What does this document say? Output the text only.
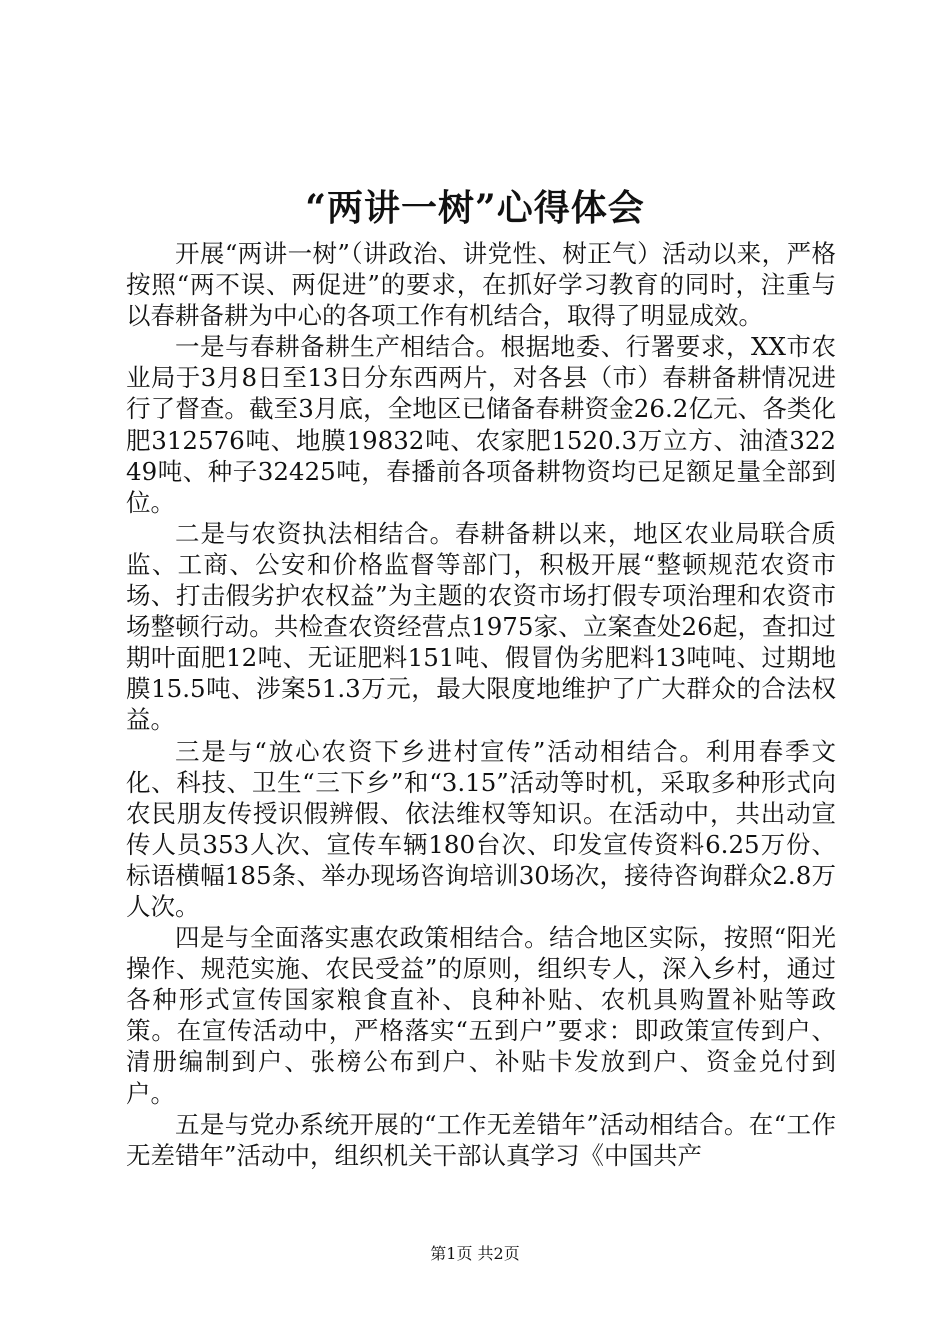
“两讲一树”心得体会

开展“两讲一树”（讲政治、讲党性、树正气）活动以来，严格按照“两不误、两促进”的要求，在抓好学习教育的同时，注重与以春耕备耕为中心的各项工作有机结合，取得了明显成效。

一是与春耕备耕生产相结合。根据地委、行署要求，XX市农业局于3月8日至13日分东西两片，对各县（市）春耕备耕情况进行了督查。截至3月底，全地区已储备春耕资金26.2亿元、各类化肥312576吨、地膜19832吨、农家肥1520.3万立方、油渣32249吨、种子32425吨，春播前各项备耕物资均已足额足量全部到位。

二是与农资执法相结合。春耕备耕以来，地区农业局联合质监、工商、公安和价格监督等部门，积极开展“整顿规范农资市场、打击假劣护农权益”为主题的农资市场打假专项治理和农资市场整顿行动。共检查农资经营点1975家、立案查处26起，查扣过期叶面肥12吨、无证肥料151吨、假冒伪劣肥料13吨吨、过期地膜15.5吨、涉案51.3万元，最大限度地维护了广大群众的合法权益。

三是与“放心农资下乡进村宣传”活动相结合。利用春季文化、科技、卫生“三下乡”和“3.15”活动等时机，采取多种形式向农民朋友传授识假辨假、依法维权等知识。在活动中，共出动宣传人员353人次、宣传车辆180台次、印发宣传资料6.25万份、标语横幅185条、举办现场咨询培训30场次，接待咨询群众2.8万人次。

四是与全面落实惠农政策相结合。结合地区实际，按照“阳光操作、规范实施、农民受益”的原则，组织专人，深入乡村，通过各种形式宣传国家粮食直补、良种补贴、农机具购置补贴等政策。在宣传活动中，严格落实“五到户”要求：即政策宣传到户、清册编制到户、张榜公布到户、补贴卡发放到户、资金兑付到户。

五是与党办系统开展的“工作无差错年”活动相结合。在“工作无差错年”活动中，组织机关干部认真学习《中国共产

第1页 共2页
